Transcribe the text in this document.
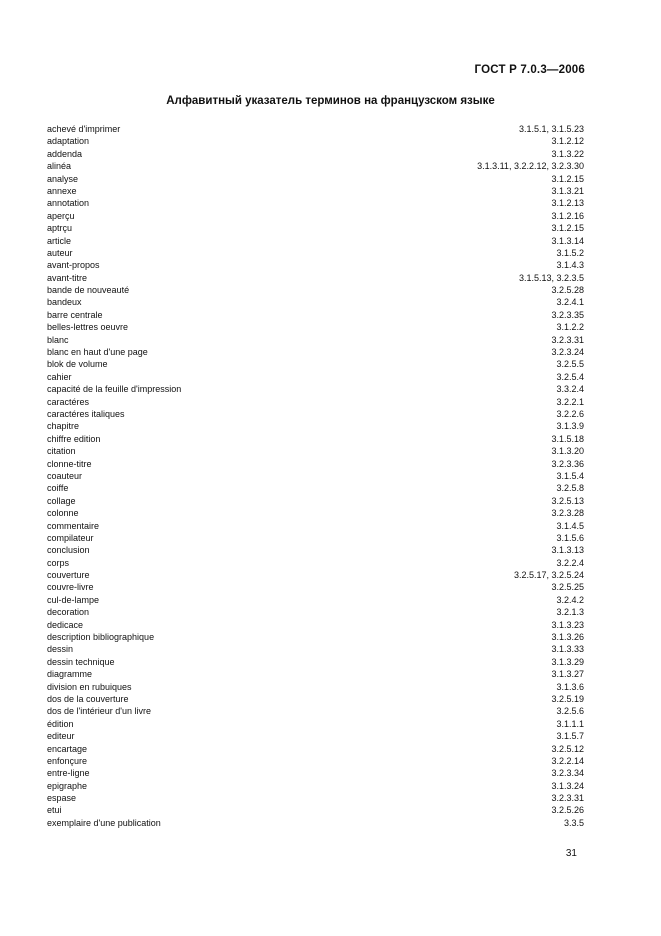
ГОСТ Р 7.0.3—2006
Алфавитный указатель терминов на французском языке
achevé d'imprimer	3.1.5.1, 3.1.5.23
adaptation	3.1.2.12
addenda	3.1.3.22
alinéa	3.1.3.11, 3.2.2.12, 3.2.3.30
analyse	3.1.2.15
annexe	3.1.3.21
annotation	3.1.2.13
aperçu	3.1.2.16
aptrçu	3.1.2.15
article	3.1.3.14
auteur	3.1.5.2
avant-propos	3.1.4.3
avant-titre	3.1.5.13, 3.2.3.5
bande de nouveauté	3.2.5.28
bandeux	3.2.4.1
barre centrale	3.2.3.35
belles-lettres oeuvre	3.1.2.2
blanc	3.2.3.31
blanc en haut d'une page	3.2.3.24
blok de volume	3.2.5.5
cahier	3.2.5.4
capacité de la feuille d'impression	3.3.2.4
caractéres	3.2.2.1
caractéres italiques	3.2.2.6
chapitre	3.1.3.9
chiffre edition	3.1.5.18
citation	3.1.3.20
clonne-titre	3.2.3.36
coauteur	3.1.5.4
coiffe	3.2.5.8
collage	3.2.5.13
colonne	3.2.3.28
commentaire	3.1.4.5
compilateur	3.1.5.6
conclusion	3.1.3.13
corps	3.2.2.4
couverture	3.2.5.17, 3.2.5.24
couvre-livre	3.2.5.25
cul-de-lampe	3.2.4.2
decoration	3.2.1.3
dedicace	3.1.3.23
description bibliographique	3.1.3.26
dessin	3.1.3.33
dessin technique	3.1.3.29
diagramme	3.1.3.27
division en rubuiques	3.1.3.6
dos de la couverture	3.2.5.19
dos de l'intérieur d'un livre	3.2.5.6
édition	3.1.1.1
editeur	3.1.5.7
encartage	3.2.5.12
enfonçure	3.2.2.14
entre-ligne	3.2.3.34
epigraphe	3.1.3.24
espase	3.2.3.31
etui	3.2.5.26
exemplaire d'une publication	3.3.5
31
